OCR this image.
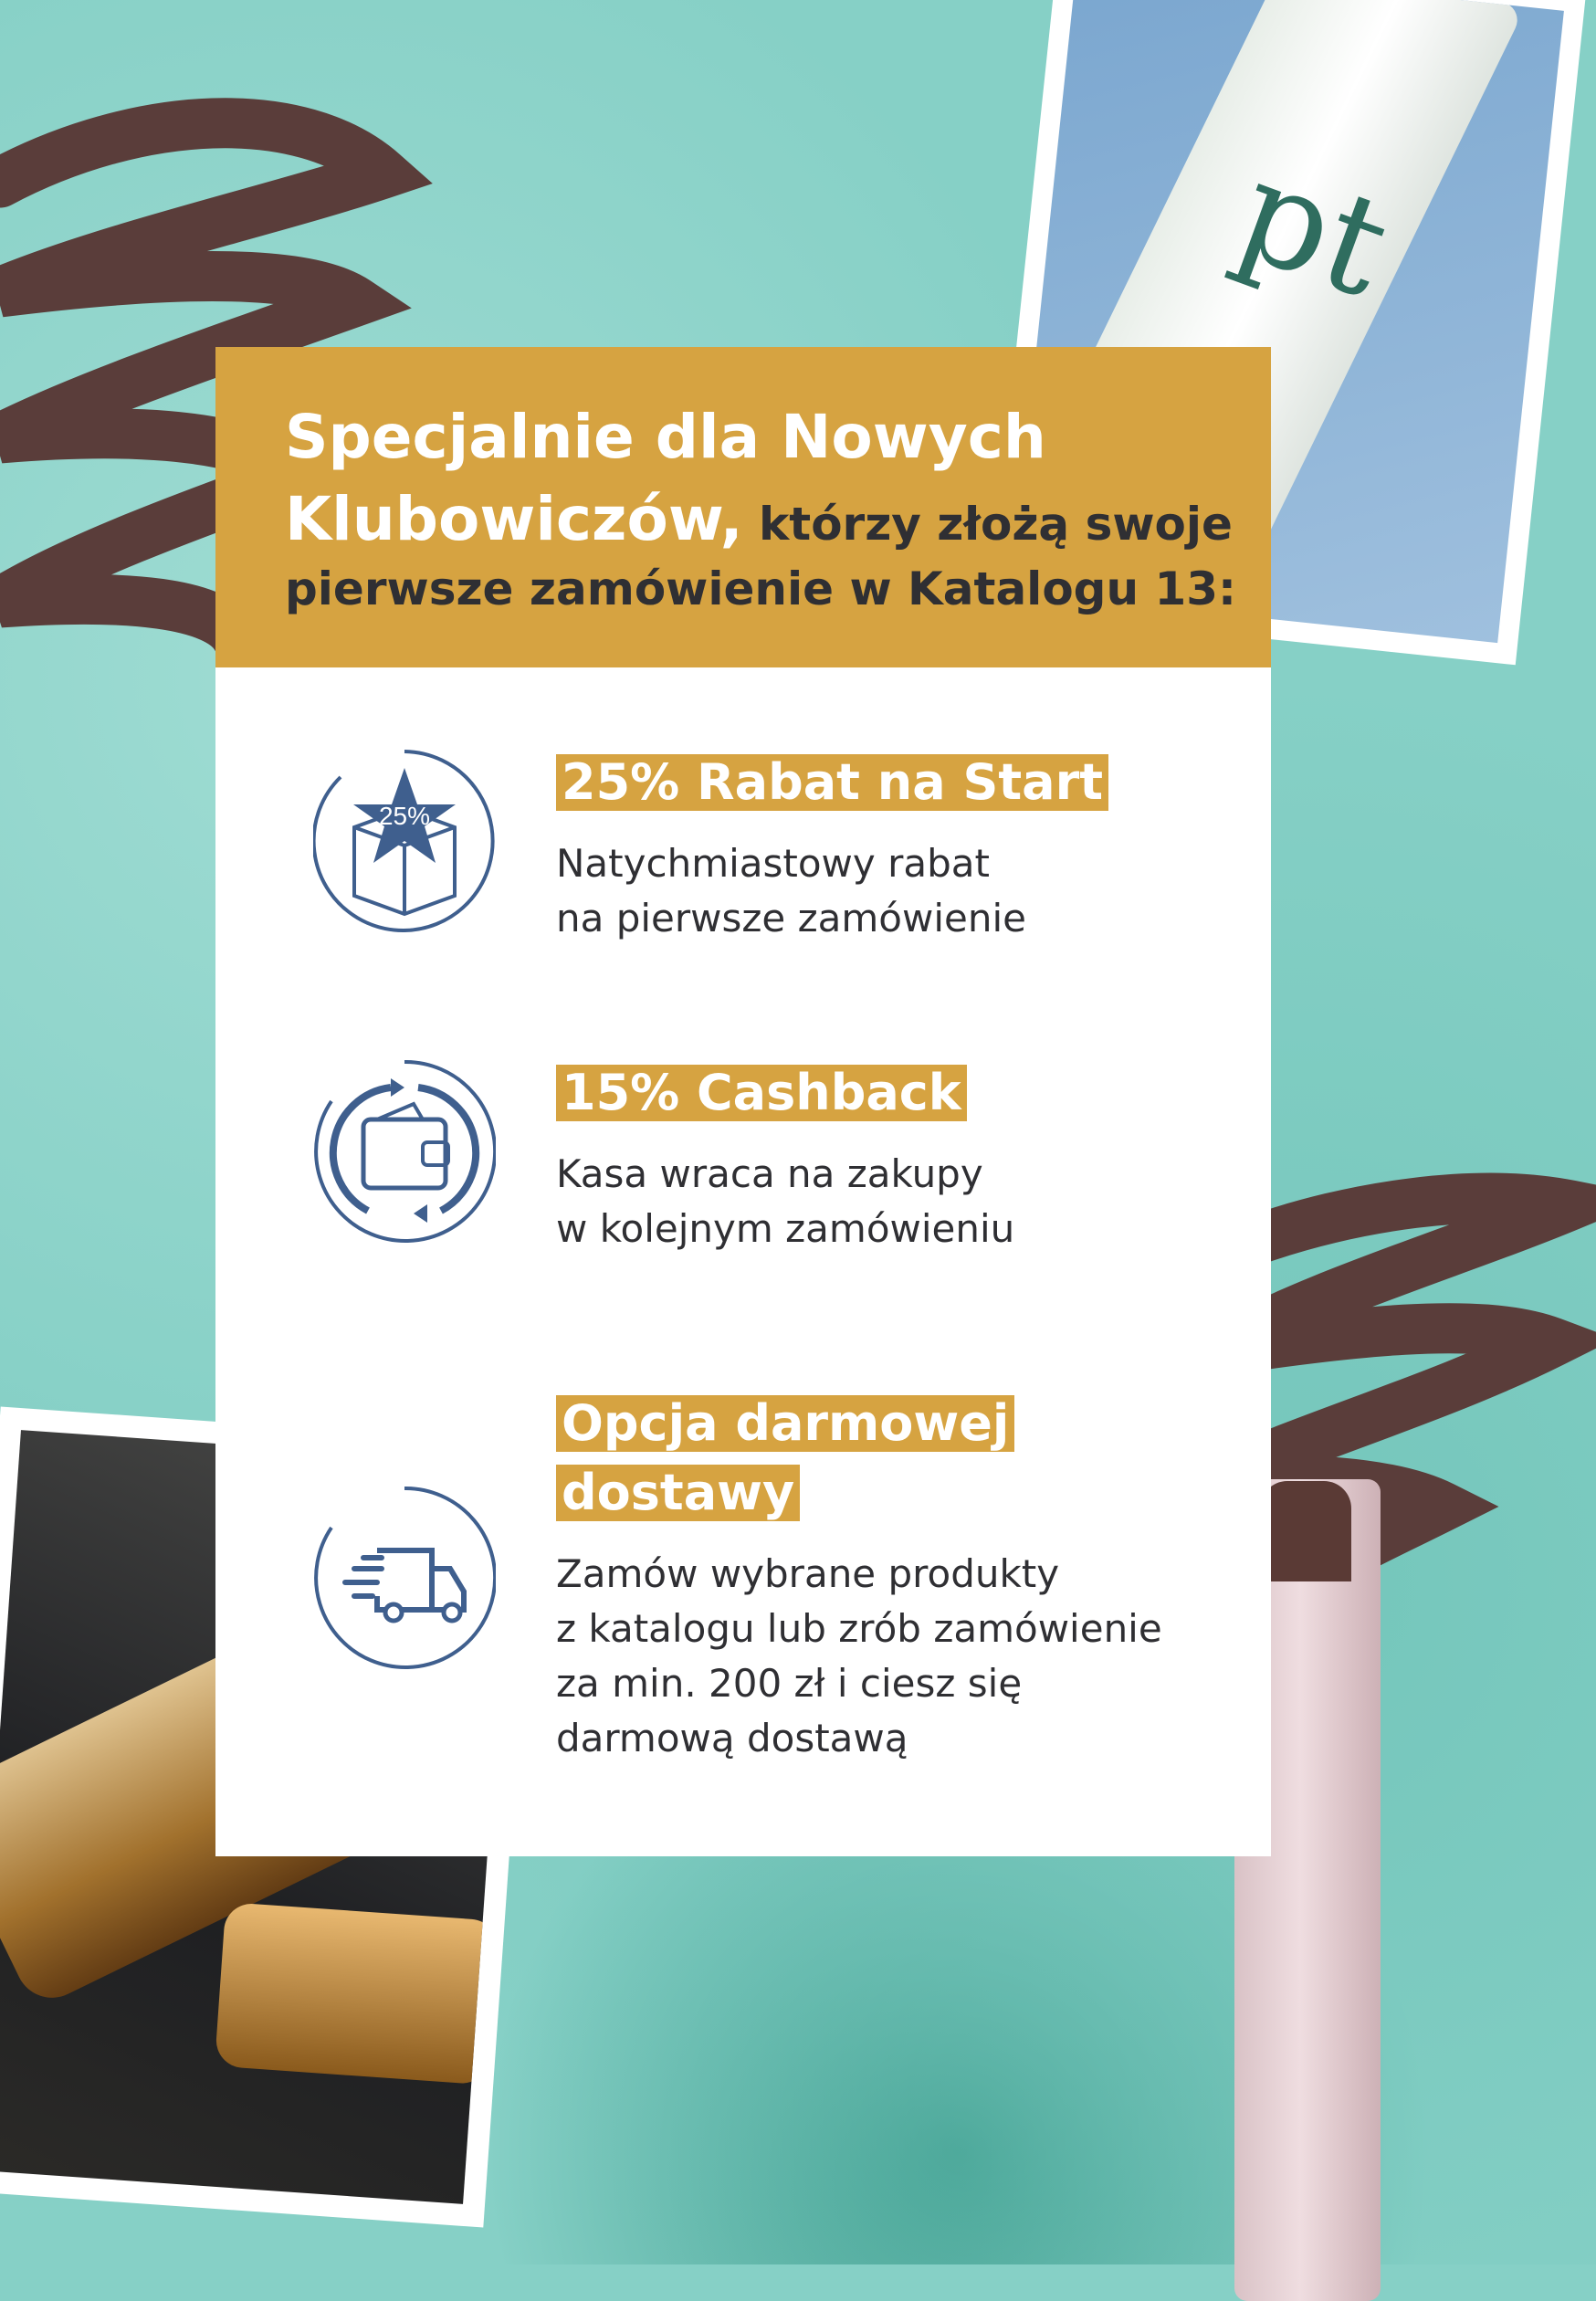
pt
Specjalnie dla Nowych
Klubowiczów, którzy złożą swoje
pierwsze zamówienie w Katalogu 13:
25%
25% Rabat na Start
Natychmiastowy rabat
na pierwsze zamówienie
15% Cashback
Kasa wraca na zakupy
w kolejnym zamówieniu
Opcja darmowej
dostawy
Zamów wybrane produkty
z katalogu lub zrób zamówienie
za min. 200 zł i ciesz się
darmową dostawą
